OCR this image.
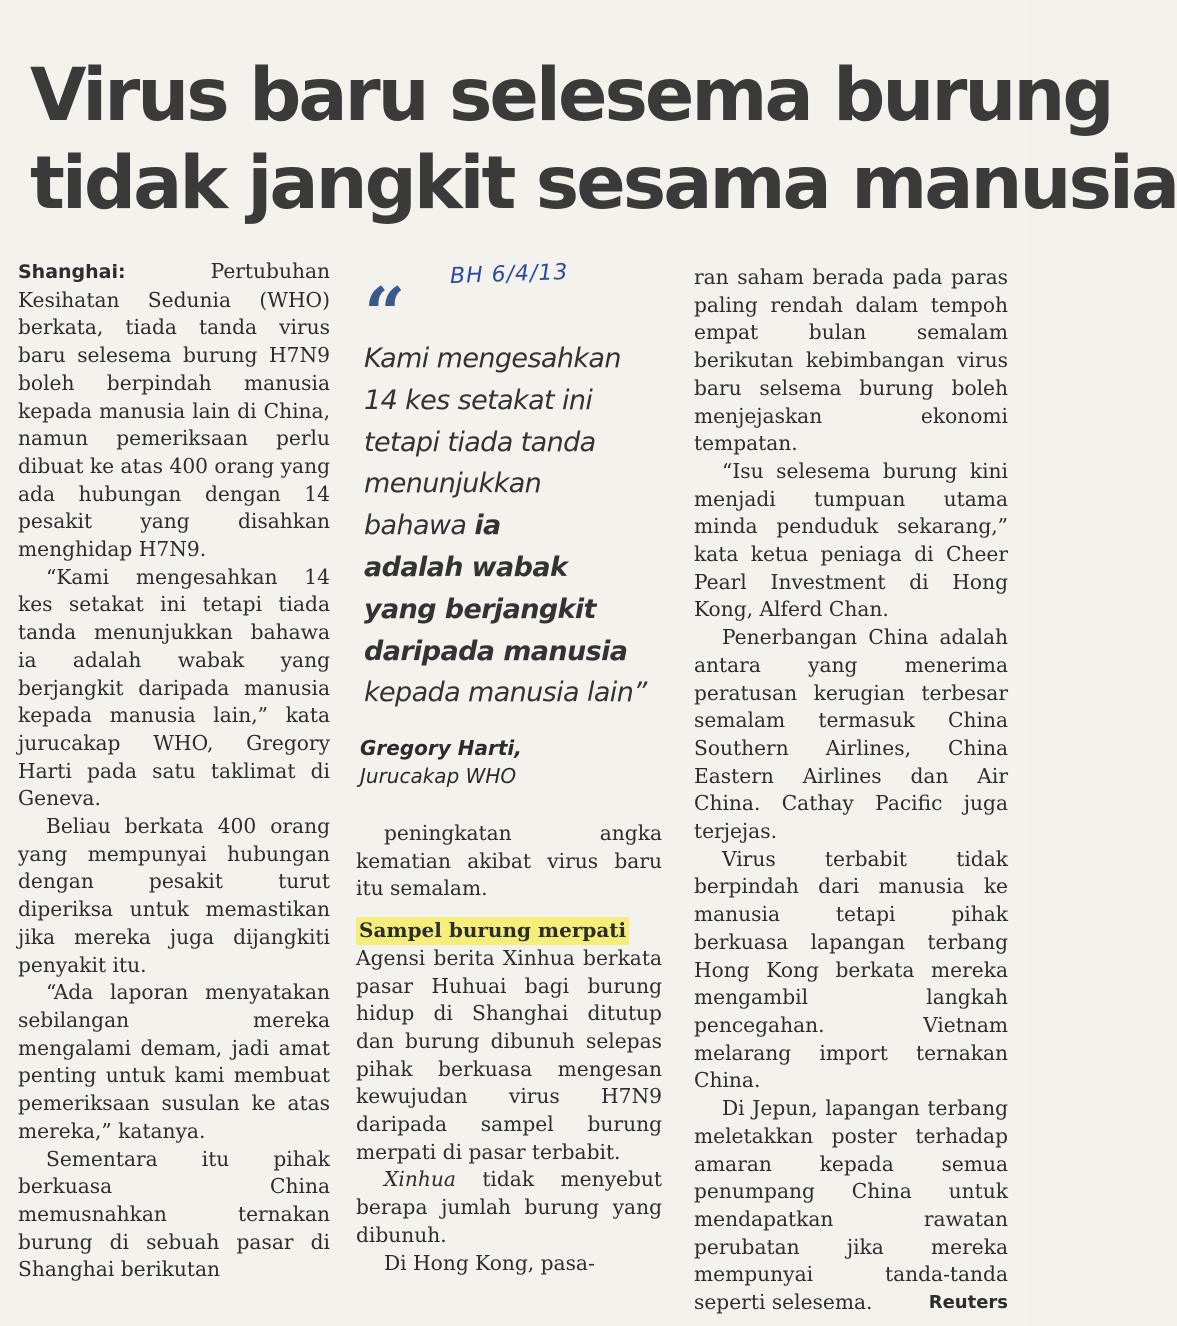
Virus baru selesema burung
tidak jangkit sesama manusia
BH 6/4/13

Shanghai:	Pertubuhan Kesihatan Sedunia (WHO) berkata, tiada tanda virus baru selesema burung H7N9 boleh berpindah manusia kepada manusia lain di China, namun pemeriksaan perlu dibuat ke atas 400 orang yang ada hubungan dengan 14 pesakit yang disahkan menghidap H7N9.

“Kami mengesahkan 14 kes setakat ini tetapi tiada tanda menunjukkan bahawa ia adalah wabak yang berjangkit daripada manusia kepada manusia lain,” kata jurucakap WHO, Gregory Harti pada satu taklimat di Geneva.

Beliau berkata 400 orang yang mempunyai hubungan dengan pesakit turut diperiksa untuk memastikan jika mereka juga dijangkiti penyakit itu.

“Ada laporan menyatakan sebilangan mereka mengalami demam, jadi amat penting untuk kami membuat pemeriksaan susulan ke atas mereka,” katanya.

Sementara itu pihak berkuasa China memusnahkan ternakan burung di sebuah pasar di Shanghai berikutan

“
Kami mengesahkan
14 kes setakat ini
tetapi tiada tanda
menunjukkan
bahawa ia
adalah wabak
yang berjangkit
daripada manusia
kepada manusia lain”
Gregory Harti,
Jurucakap WHO

peningkatan angka kematian akibat virus baru itu semalam.

Sampel burung merpati

Agensi berita Xinhua berkata pasar Huhuai bagi burung hidup di Shanghai ditutup dan burung dibunuh selepas pihak berkuasa mengesan kewujudan virus H7N9 daripada sampel burung merpati di pasar terbabit.

Xinhua tidak menyebut berapa jumlah burung yang dibunuh.

Di Hong Kong, pasa-

ran saham berada pada paras paling rendah dalam tempoh empat bulan semalam berikutan kebimbangan virus baru selsema burung boleh menjejaskan ekonomi tempatan.

“Isu selesema burung kini menjadi tumpuan utama minda penduduk sekarang,” kata ketua peniaga di Cheer Pearl Investment di Hong Kong, Alferd Chan.

Penerbangan China adalah antara yang menerima peratusan kerugian terbesar semalam termasuk China Southern Airlines, China Eastern Airlines dan Air China. Cathay Pacific juga terjejas.

Virus terbabit tidak berpindah dari manusia ke manusia tetapi pihak berkuasa lapangan terbang Hong Kong berkata mereka mengambil langkah pencegahan. Vietnam melarang import ternakan China.

Di Jepun, lapangan terbang meletakkan poster terhadap amaran kepada semua penumpang China untuk mendapatkan rawatan perubatan jika mereka mempunyai tanda-tanda seperti selesema.	Reuters
